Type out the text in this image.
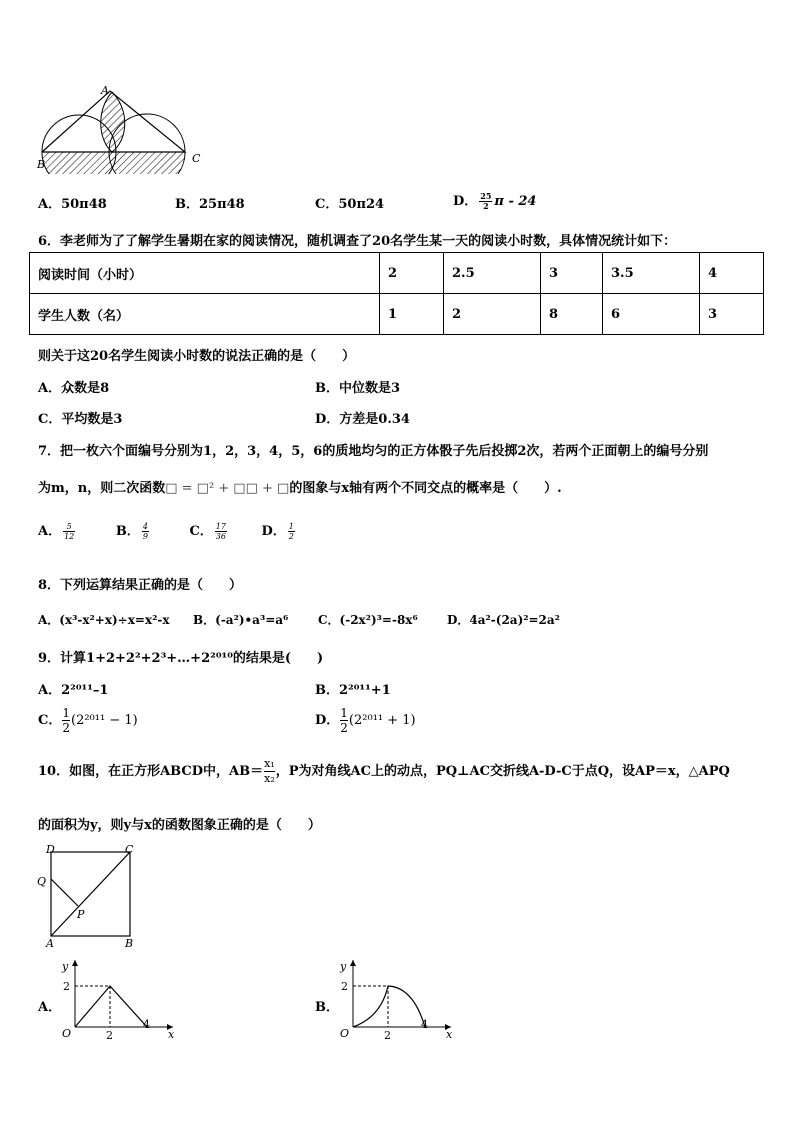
A
B	C
A．50π48	B．25π48	C．50π24	D． $\frac{25}{2}$ π - 24
6．李老师为了了解学生暑期在家的阅读情况，随机调查了20名学生某一天的阅读小时数，具体情况统计如下：
阅读时间（小时）	2	2.5	3	3.5	4
学生人数（名）	1	2	8	6	3
则关于这20名学生阅读小时数的说法正确的是（　　）
A．众数是8	B．中位数是3
C．平均数是3	D．方差是0.34
7．把一枚六个面编号分别为1，2，3，4，5，6的质地均匀的正方体骰子先后投掷2次，若两个正面朝上的编号分别
为m，n，则二次函数□ = □² + □□ + □的图象与x轴有两个不同交点的概率是（　　）.
A． $\frac{5}{12}$	B． $\frac{4}{9}$	C． $\frac{17}{36}$	D． $\frac{1}{2}$
8．下列运算结果正确的是（　　）
A．(x³-x²+x)÷x=x²-x B．(-a²)•a³=a⁶ C．(-2x²)³=-8x⁶ D．4a²-(2a)²=2a²
9．计算1+2+2²+2³+…+2²⁰¹⁰的结果是(　　)
A．2²⁰¹¹–1	B．2²⁰¹¹+1
C． $\frac{1}{2} (2^{2011} - 1)$	D． $\frac{1}{2} (2^{2011} + 1)$
10．如图，在正方形ABCD中，$AB= \frac{\text{x₁}}{\text{x₂}}$ ，P为对角线AC上的动点，PQ⊥AC交折线A-D-C于点Q，设AP＝x，△APQ
的面积为y，则y与x的函数图象正确的是（　　）
D	C
Q
P
A	B
A．
y
x
O
2
2
4
B．
y
x
O
2
2
4
